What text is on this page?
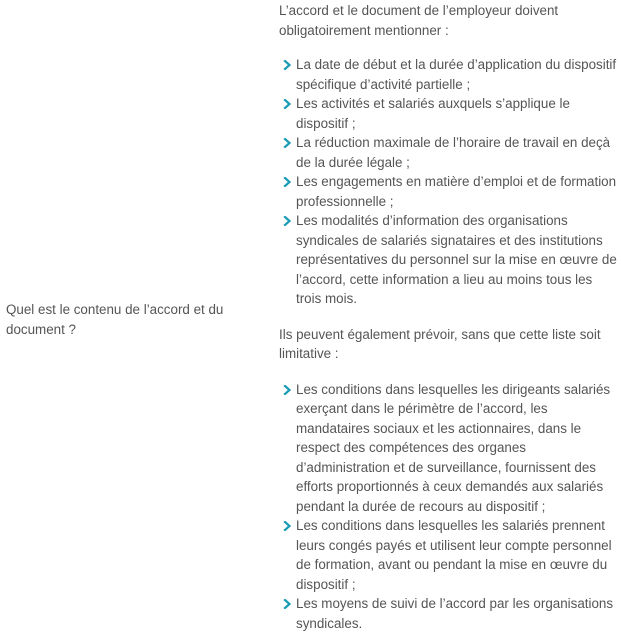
Quel est le contenu de l’accord et du document ?

L’accord et le document de l’employeur doivent obligatoirement mentionner :

La date de début et la durée d’application du dispositif spécifique d’activité partielle ;
Les activités et salariés auxquels s’applique le dispositif ;
La réduction maximale de l’horaire de travail en deçà de la durée légale ;
Les engagements en matière d’emploi et de formation professionnelle ;
Les modalités d’information des organisations syndicales de salariés signataires et des institutions représentatives du personnel sur la mise en œuvre de l’accord, cette information a lieu au moins tous les trois mois.

Ils peuvent également prévoir, sans que cette liste soit limitative :

Les conditions dans lesquelles les dirigeants salariés exerçant dans le périmètre de l’accord, les mandataires sociaux et les actionnaires, dans le respect des compétences des organes d’administration et de surveillance, fournissent des efforts proportionnés à ceux demandés aux salariés pendant la durée de recours au dispositif ;
Les conditions dans lesquelles les salariés prennent leurs congés payés et utilisent leur compte personnel de formation, avant ou pendant la mise en œuvre du dispositif ;
Les moyens de suivi de l’accord par les organisations syndicales.
